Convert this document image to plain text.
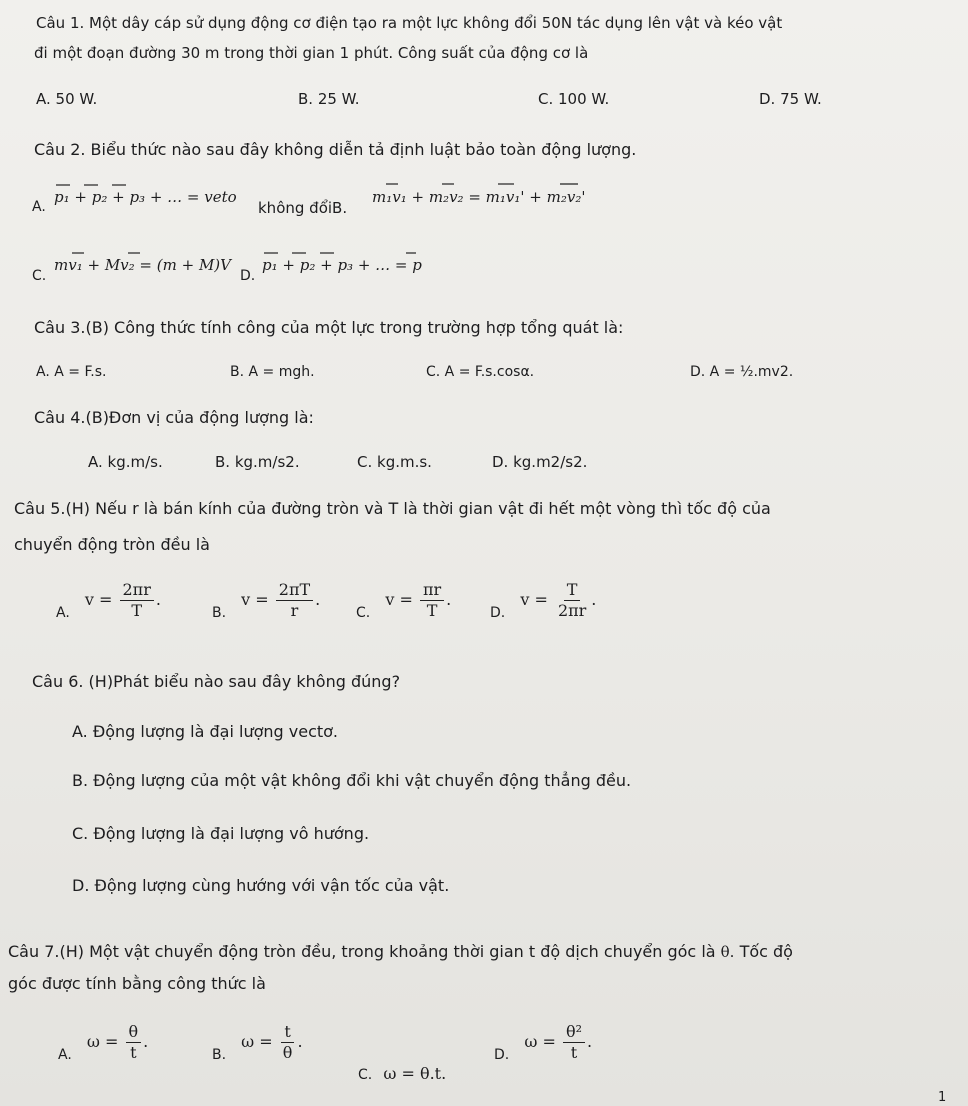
Câu 1. Một dây cáp sử dụng động cơ điện tạo ra một lực không đổi 50N tác dụng lên vật và kéo vật
đi một đoạn đường 30 m trong thời gian 1 phút. Công suất của động cơ là
A. 50 W.	B. 25 W.	C. 100 W.	D. 75 W.
Câu 2. Biểu thức nào sau đây không diễn tả định luật bảo toàn động lượng.
A.
p₁ + p₂ + p₃ + … = veto
không đổiB.
m₁v₁ + m₂v₂ = m₁v₁' + m₂v₂'
C.
mv₁ + Mv₂ = (m + M)V
D.
p₁ + p₂ + p₃ + … = p
Câu 3.(B) Công thức tính công của một lực trong trường hợp tổng quát là:
A. A = F.s.	B. A = mgh.	C. A = F.s.cosα.	D. A = ½.mv2.
Câu 4.(B)Đơn vị của động lượng là:
A. kg.m/s.	B. kg.m/s2.	C. kg.m.s.	D. kg.m2/s2.
Câu 5.(H) Nếu r là bán kính của đường tròn và T là thời gian vật đi hết một vòng thì tốc độ của
chuyển động tròn đều là
A. $v = \frac{2\pi r}{T}$ .
B. $v = \frac{2\pi T}{r}$ .
C. $v = \frac{\pi r}{T}$ .
D. $v = \frac{T}{2\pi r}$ .
Câu 6. (H)Phát biểu nào sau đây không đúng?
A. Động lượng là đại lượng vectơ.
B. Động lượng của một vật không đổi khi vật chuyển động thẳng đều.
C. Động lượng là đại lượng vô hướng.
D. Động lượng cùng hướng với vận tốc của vật.
Câu 7.(H) Một vật chuyển động tròn đều, trong khoảng thời gian t độ dịch chuyển góc là θ. Tốc độ
góc được tính bằng công thức là
A. $\omega = \frac{\theta}{t}$ .
B. $\omega = \frac{t}{\theta}$ .
C. ω = θ.t.
D. $\omega = \frac{\text{θ²}}{t}$ .
1
